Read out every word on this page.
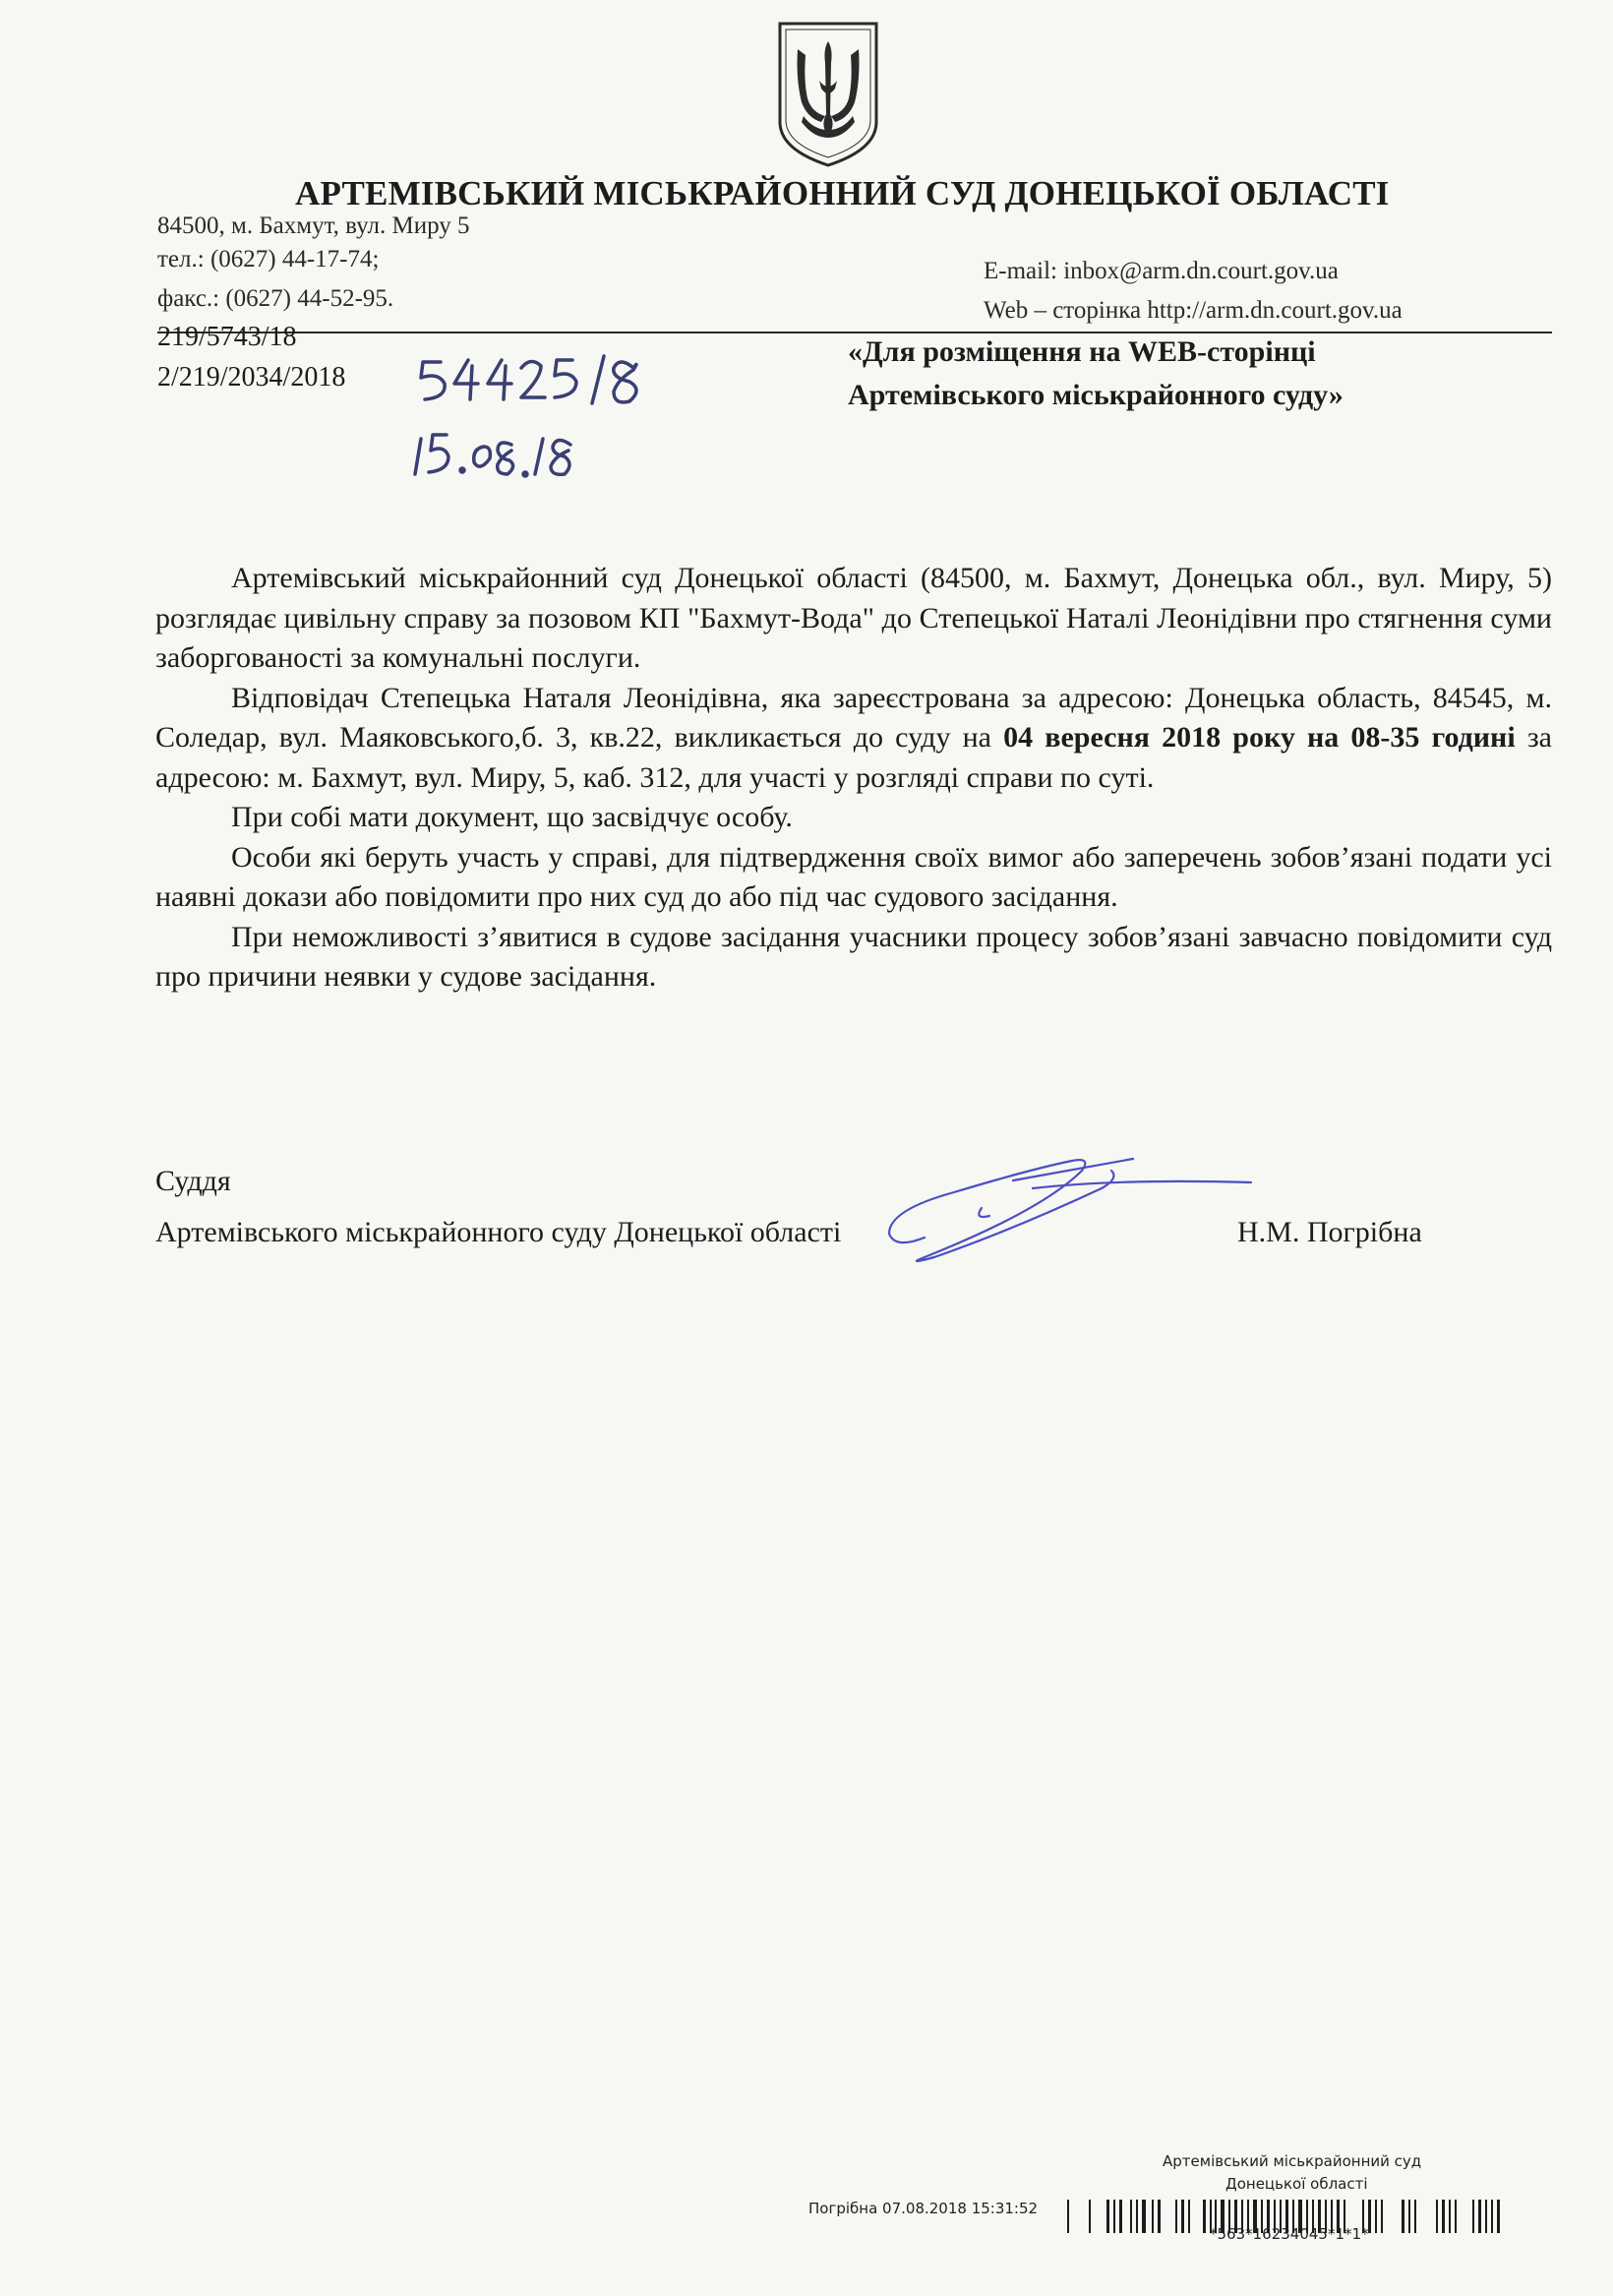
АРТЕМІВСЬКИЙ МІСЬКРАЙОННИЙ СУД ДОНЕЦЬКОЇ ОБЛАСТІ
84500, м. Бахмут, вул. Миру 5
тел.: (0627) 44-17-74;
факс.: (0627) 44-52-95.
E-mail: inbox@arm.dn.court.gov.ua
Web – сторінка http://arm.dn.court.gov.ua
219/5743/18
2/219/2034/2018
«Для розміщення на WEB-сторінці
Артемівського міськрайонного суду»

Артемівський міськрайонний суд Донецької області (84500, м. Бахмут, Донецька обл., вул. Миру, 5) розглядає цивільну справу за позовом КП "Бахмут-Вода" до Степецької Наталі Леонідівни про стягнення суми заборгованості за комунальні послуги.

Відповідач Степецька Наталя Леонідівна, яка зареєстрована за адресою: Донецька область, 84545, м. Соледар, вул. Маяковського,б. 3, кв.22, викликається до суду на 04 вересня 2018 року на 08-35 годині за адресою: м. Бахмут, вул. Миру, 5, каб. 312, для участі у розгляді справи по суті.

При собі мати документ, що засвідчує особу.

Особи які беруть участь у справі, для підтвердження своїх вимог або заперечень зобов’язані подати усі наявні докази або повідомити про них суд до або під час судового засідання.

При неможливості з’явитися в судове засідання учасники процесу зобов’язані завчасно повідомити суд про причини неявки у судове засідання.

Суддя
Артемівського міськрайонного суду Донецької області	Н.М. Погрібна
Артемівський міськрайонний суд
Донецької області
Погрібна 07.08.2018 15:31:52
*563*16234045*1*1*
